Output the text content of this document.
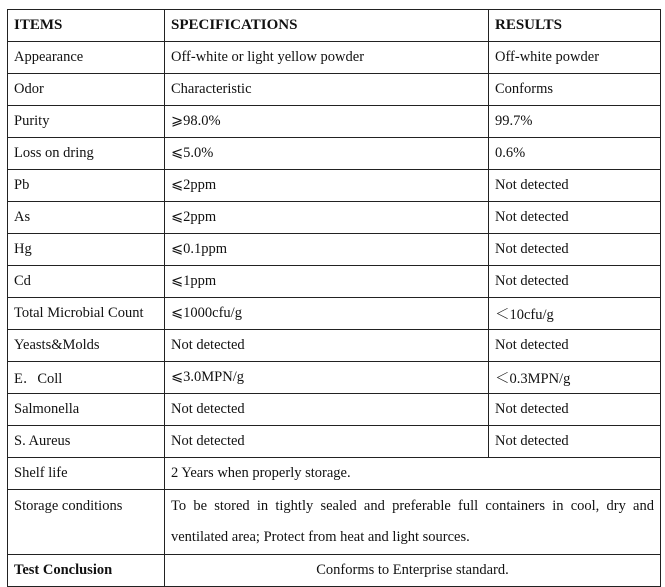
ITEMS	SPECIFICATIONS	RESULTS
Appearance	Off-white or light yellow powder	Off-white powder
Odor	Characteristic	Conforms
Purity	⩾98.0%	99.7%
Loss on dring	⩽5.0%	0.6%
Pb	⩽2ppm	Not detected
As	⩽2ppm	Not detected
Hg	⩽0.1ppm	Not detected
Cd	⩽1ppm	Not detected
Total Microbial Count	⩽1000cfu/g	＜10cfu/g
Yeasts&Molds	Not detected	Not detected
E．Coll	⩽3.0MPN/g	＜0.3MPN/g
Salmonella	Not detected	Not detected
S. Aureus	Not detected	Not detected
Shelf life	2 Years when properly storage.	
Storage conditions	To be stored in tightly sealed and preferable full containers in cool, dry and ventilated area; Protect from heat and light sources.	
Test Conclusion	Conforms to Enterprise standard.	
